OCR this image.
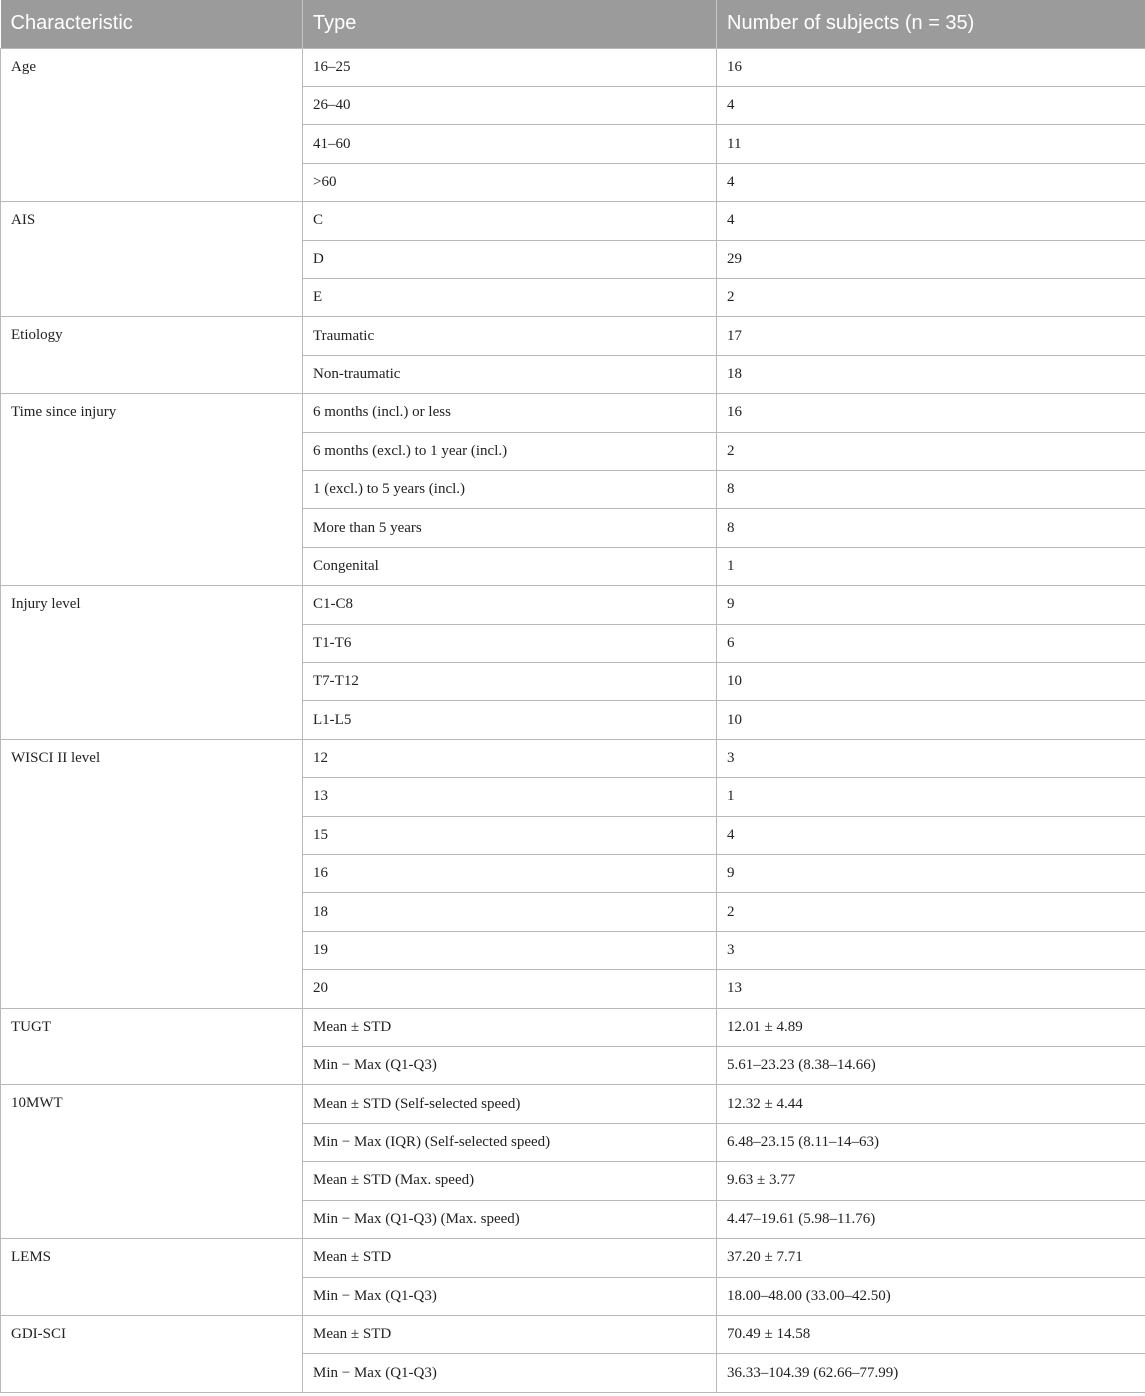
Characteristic	Type	Number of subjects (n = 35)
Age	16–25	16
	26–40	4
	41–60	11
	>60	4
AIS	C	4
	D	29
	E	2
Etiology	Traumatic	17
	Non-traumatic	18
Time since injury	6 months (incl.) or less	16
	6 months (excl.) to 1 year (incl.)	2
	1 (excl.) to 5 years (incl.)	8
	More than 5 years	8
	Congenital	1
Injury level	C1-C8	9
	T1-T6	6
	T7-T12	10
	L1-L5	10
WISCI II level	12	3
	13	1
	15	4
	16	9
	18	2
	19	3
	20	13
TUGT	Mean ± STD	12.01 ± 4.89
	Min − Max (Q1-Q3)	5.61–23.23 (8.38–14.66)
10MWT	Mean ± STD (Self-selected speed)	12.32 ± 4.44
	Min − Max (IQR) (Self-selected speed)	6.48–23.15 (8.11–14–63)
	Mean ± STD (Max. speed)	9.63 ± 3.77
	Min − Max (Q1-Q3) (Max. speed)	4.47–19.61 (5.98–11.76)
LEMS	Mean ± STD	37.20 ± 7.71
	Min − Max (Q1-Q3)	18.00–48.00 (33.00–42.50)
GDI-SCI	Mean ± STD	70.49 ± 14.58
	Min − Max (Q1-Q3)	36.33–104.39 (62.66–77.99)
